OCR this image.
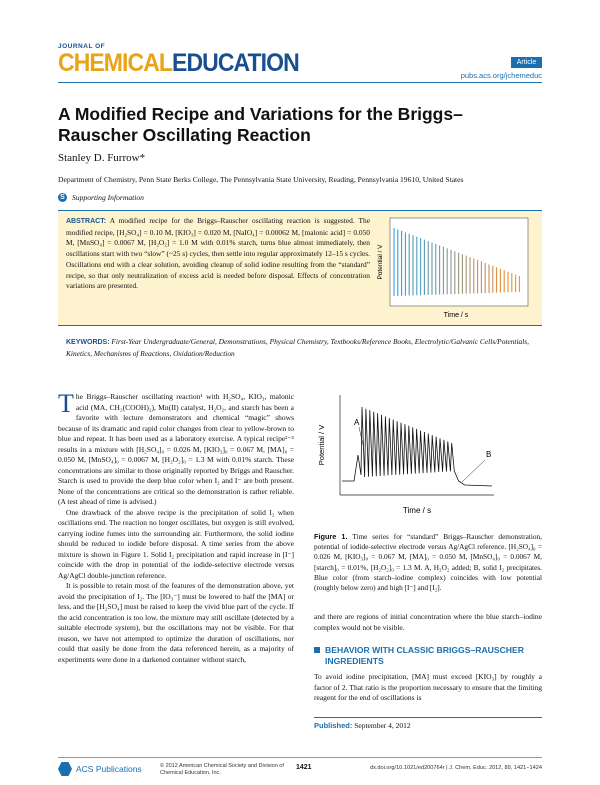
JOURNAL OF
CHEMICALEDUCATION	Article
pubs.acs.org/jchemeduc
A Modified Recipe and Variations for the Briggs–Rauscher Oscillating Reaction
Stanley D. Furrow*
Department of Chemistry, Penn State Berks College, The Pennsylvania State University, Reading, Pennsylvania 19610, United States
S Supporting Information
ABSTRACT: A modified recipe for the Briggs–Rauscher oscillating reaction is suggested. The modified recipe, [H₂SO₄] = 0.10 M, [KIO₃] = 0.020 M, [NaIO₄] = 0.00062 M, [malonic acid] = 0.050 M, [MnSO₄] = 0.0067 M, [H₂O₂] = 1.0 M with 0.01% starch, turns blue almost immediately, then oscillations start with two “slow” (~25 s) cycles, then settle into regular approximately 12–15 s cycles. Oscillations end with a clear solution, avoiding cleanup of solid iodine resulting from the “standard” recipe, so that only neutralization of excess acid is needed before disposal. Effects of concentration variations are presented.
Potential / V
Time / s
KEYWORDS: First-Year Undergraduate/General, Demonstrations, Physical Chemistry, Textbooks/Reference Books, Electrolytic/Galvanic Cells/Potentials, Kinetics, Mechanisms of Reactions, Oxidation/Reduction

The Briggs–Rauscher oscillating reaction¹ with H₂SO₄, KIO₃, malonic acid (MA, CH₂(COOH)₂), Mn(II) catalyst, H₂O₂, and starch has been a favorite with lecture demonstrators and chemical “magic” shows because of its dramatic and rapid color changes from clear to yellow-brown to blue and repeat. It has been used as a laboratory exercise. A typical recipe²⁻⁵ results in a mixture with [H₂SO₄]₀ = 0.026 M, [KIO₃]₀ = 0.067 M, [MA]₀ = 0.050 M, [MnSO₄]₀ = 0.0067 M, [H₂O₂]₀ = 1.3 M with 0.01% starch. These concentrations are similar to those originally reported by Briggs and Rauscher. Starch is used to provide the deep blue color when I₂ and I⁻ are both present. None of the concentrations are critical so the demonstration is rather reliable. (A test ahead of time is advised.)

One drawback of the above recipe is the precipitation of solid I₂ when oscillations end. The reaction no longer oscillates, but oxygen is still evolved, carrying iodine fumes into the surrounding air. Furthermore, the solid iodine should be reduced to iodide before disposal. A time series from the above mixture is shown in Figure 1. Solid I₂ precipitation and rapid increase in [I⁻] coincide with the drop in potential of the iodide-selective electrode versus Ag/AgCl double-junction reference.

It is possible to retain most of the features of the demonstration above, yet avoid the precipitation of I₂. The [IO₃⁻] must be lowered to half the [MA] or less, and the [H₂SO₄] must be raised to keep the vivid blue part of the cycle. If the acid concentration is too low, the mixture may still oscillate (detected by a suitable electrode system), but the oscillations may not be visible. For that reason, we have not attempted to optimize the duration of oscillations, nor could that easily be done from the data referenced herein, as a majority of experiments were done in a darkened container without starch,

Potential / V
Time / s
A
B
Figure 1. Time series for “standard” Briggs–Rauscher demonstration, potential of iodide-selective electrode versus Ag/AgCl reference. [H₂SO₄]₀ = 0.026 M, [KIO₃]₀ = 0.067 M, [MA]₀ = 0.050 M, [MnSO₄]₀ = 0.0067 M, [starch]₀ = 0.01%, [H₂O₂]₀ = 1.3 M. A, H₂O₂ added; B, solid I₂ precipitates. Blue color (from starch–iodine complex) coincides with low potential (roughly below zero) and high [I⁻] and [I₂].
and there are regions of initial concentration where the blue starch–iodine complex would not be visible.
BEHAVIOR WITH CLASSIC BRIGGS–RAUSCHER INGREDIENTS
To avoid iodine precipitation, [MA] must exceed [KIO₃] by roughly a factor of 2. That ratio is the proportion necessary to ensure that the limiting reagent for the end of oscillations is
Published: September 4, 2012
ACS Publications	© 2012 American Chemical Society and Division of Chemical Education, Inc.
1421	dx.doi.org/10.1021/ed200764r | J. Chem. Educ. 2012, 89, 1421−1424
